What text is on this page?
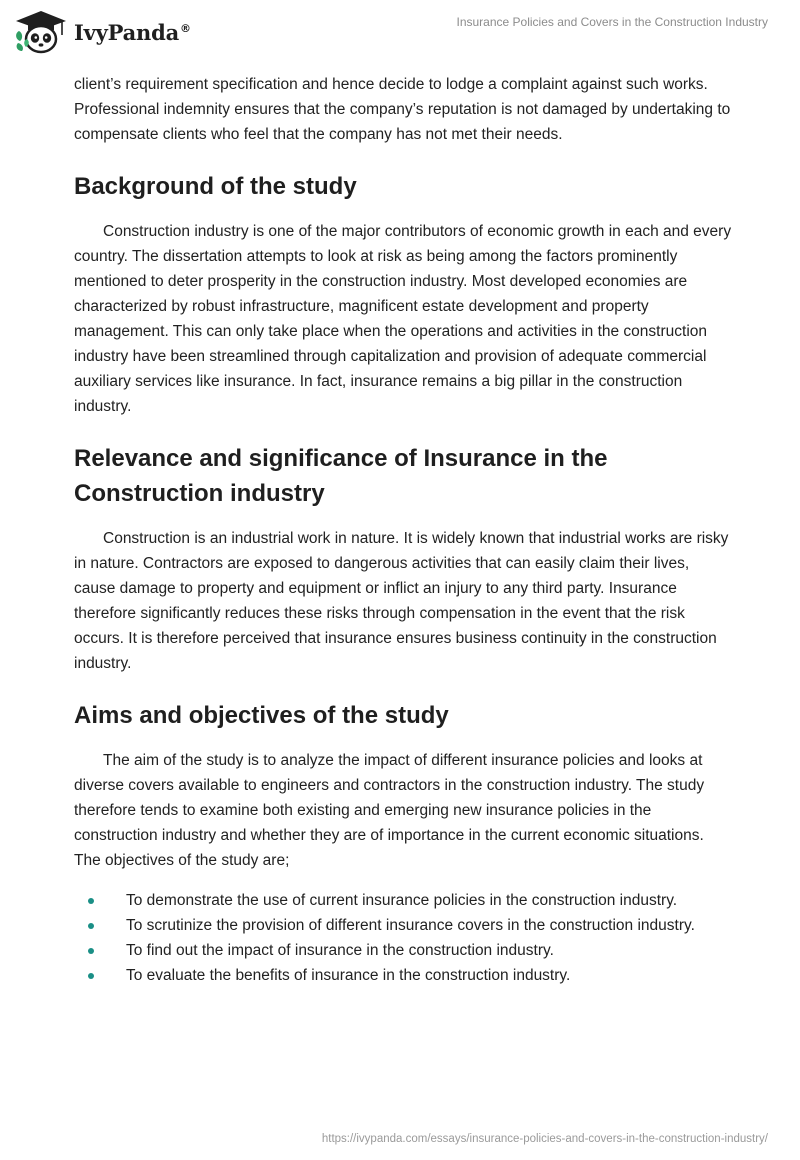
IvyPanda®	Insurance Policies and Covers in the Construction Industry

client’s requirement specification and hence decide to lodge a complaint against such works. Professional indemnity ensures that the company’s reputation is not damaged by undertaking to compensate clients who feel that the company has not met their needs.

Background of the study

Construction industry is one of the major contributors of economic growth in each and every country. The dissertation attempts to look at risk as being among the factors prominently mentioned to deter prosperity in the construction industry. Most developed economies are characterized by robust infrastructure, magnificent estate development and property management. This can only take place when the operations and activities in the construction industry have been streamlined through capitalization and provision of adequate commercial auxiliary services like insurance. In fact, insurance remains a big pillar in the construction industry.

Relevance and significance of Insurance in the Construction industry

Construction is an industrial work in nature. It is widely known that industrial works are risky in nature. Contractors are exposed to dangerous activities that can easily claim their lives, cause damage to property and equipment or inflict an injury to any third party. Insurance therefore significantly reduces these risks through compensation in the event that the risk occurs. It is therefore perceived that insurance ensures business continuity in the construction industry.

Aims and objectives of the study

The aim of the study is to analyze the impact of different insurance policies and looks at diverse covers available to engineers and contractors in the construction industry. The study therefore tends to examine both existing and emerging new insurance policies in the construction industry and whether they are of importance in the current economic situations. The objectives of the study are;

To demonstrate the use of current insurance policies in the construction industry.
To scrutinize the provision of different insurance covers in the construction industry.
To find out the impact of insurance in the construction industry.
To evaluate the benefits of insurance in the construction industry.
https://ivypanda.com/essays/insurance-policies-and-covers-in-the-construction-industry/
